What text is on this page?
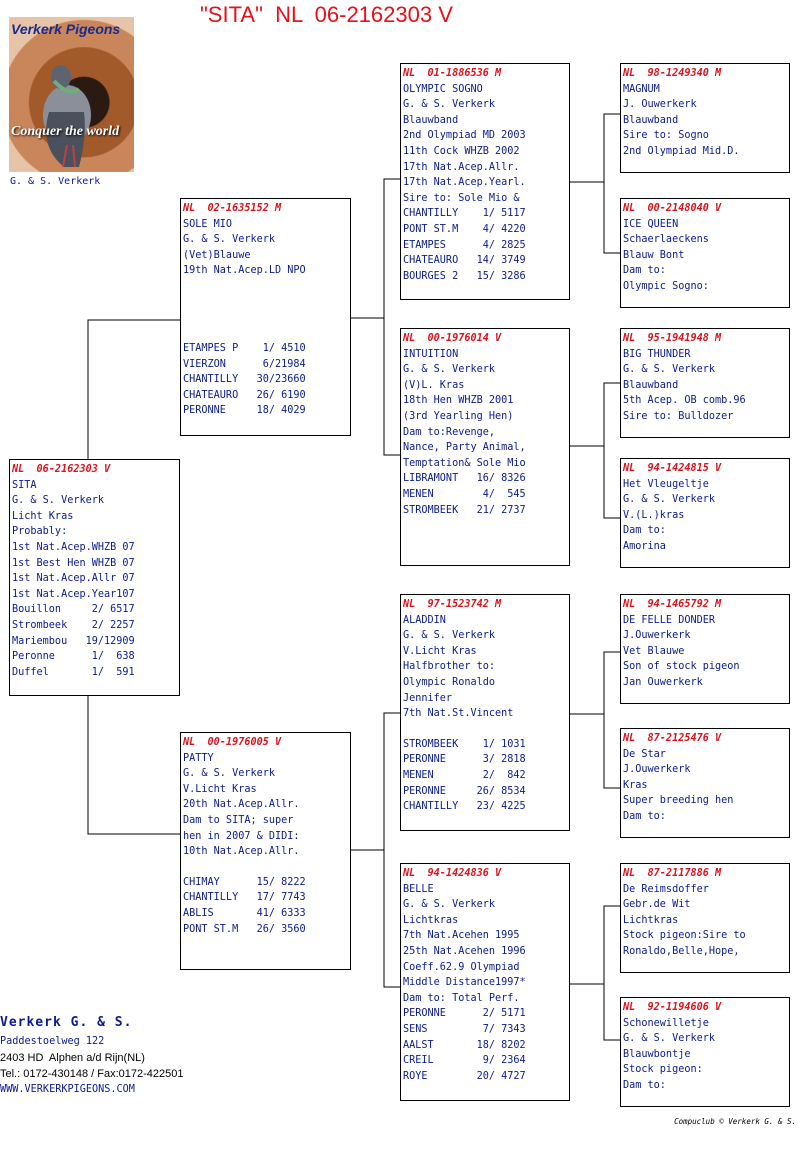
"SITA"  NL  06-2162303 V
Verkerk Pigeons
Conquer the world
G. & S. Verkerk
NL  06-2162303 V
SITA
G. & S. Verkerk
Licht Kras
Probably:
1st Nat.Acep.WHZB 07
1st Best Hen WHZB 07
1st Nat.Acep.Allr 07
1st Nat.Acep.Year107
Bouillon     2/ 6517
Strombeek    2/ 2257
Mariembou   19/12909
Peronne      1/  638
Duffel       1/  591
NL  02-1635152 M
SOLE MIO
G. & S. Verkerk
(Vet)Blauwe
19th Nat.Acep.LD NPO
ETAMPES P    1/ 4510
VIERZON      6/21984
CHANTILLY   30/23660
CHATEAURO   26/ 6190
PERONNE     18/ 4029
NL  00-1976005 V
PATTY
G. & S. Verkerk
V.Licht Kras
20th Nat.Acep.Allr.
Dam to SITA; super
hen in 2007 & DIDI:
10th Nat.Acep.Allr.
CHIMAY      15/ 8222
CHANTILLY   17/ 7743
ABLIS       41/ 6333
PONT ST.M   26/ 3560
NL  01-1886536 M
OLYMPIC SOGNO
G. & S. Verkerk
Blauwband
2nd Olympiad MD 2003
11th Cock WHZB 2002
17th Nat.Acep.Allr.
17th Nat.Acep.Yearl.
Sire to: Sole Mio &
CHANTILLY    1/ 5117
PONT ST.M    4/ 4220
ETAMPES      4/ 2825
CHATEAURO   14/ 3749
BOURGES 2   15/ 3286
NL  00-1976014 V
INTUITION
G. & S. Verkerk
(V)L. Kras
18th Hen WHZB 2001
(3rd Yearling Hen)
Dam to:Revenge,
Nance, Party Animal,
Temptation& Sole Mio
LIBRAMONT   16/ 8326
MENEN        4/  545
STROMBEEK   21/ 2737
NL  97-1523742 M
ALADDIN
G. & S. Verkerk
V.Licht Kras
Halfbrother to:
Olympic Ronaldo
Jennifer
7th Nat.St.Vincent
STROMBEEK    1/ 1031
PERONNE      3/ 2818
MENEN        2/  842
PERONNE     26/ 8534
CHANTILLY   23/ 4225
NL  94-1424836 V
BELLE
G. & S. Verkerk
Lichtkras
7th Nat.Acehen 1995
25th Nat.Acehen 1996
Coeff.62.9 Olympiad
Middle Distance1997*
Dam to: Total Perf.
PERONNE      2/ 5171
SENS         7/ 7343
AALST       18/ 8202
CREIL        9/ 2364
ROYE        20/ 4727
NL  98-1249340 M
MAGNUM
J. Ouwerkerk
Blauwband
Sire to: Sogno
2nd Olympiad Mid.D.
NL  00-2148040 V
ICE QUEEN
Schaerlaeckens
Blauw Bont
Dam to:
Olympic Sogno:
NL  95-1941948 M
BIG THUNDER
G. & S. Verkerk
Blauwband
5th Acep. OB comb.96
Sire to: Bulldozer
NL  94-1424815 V
Het Vleugeltje
G. & S. Verkerk
V.(L.)kras
Dam to:
Amorina
NL  94-1465792 M
DE FELLE DONDER
J.Ouwerkerk
Vet Blauwe
Son of stock pigeon
Jan Ouwerkerk
NL  87-2125476 V
De Star
J.Ouwerkerk
Kras
Super breeding hen
Dam to:
NL  87-2117886 M
De Reimsdoffer
Gebr.de Wit
Lichtkras
Stock pigeon:Sire to
Ronaldo,Belle,Hope,
NL  92-1194606 V
Schonewilletje
G. & S. Verkerk
Blauwbontje
Stock pigeon:
Dam to:
Verkerk G. & S.
Paddestoelweg 122
2403 HD  Alphen a/d Rijn(NL)
Tel.: 0172-430148 / Fax:0172-422501
WWW.VERKERKPIGEONS.COM
Compuclub © Verkerk G. & S.
